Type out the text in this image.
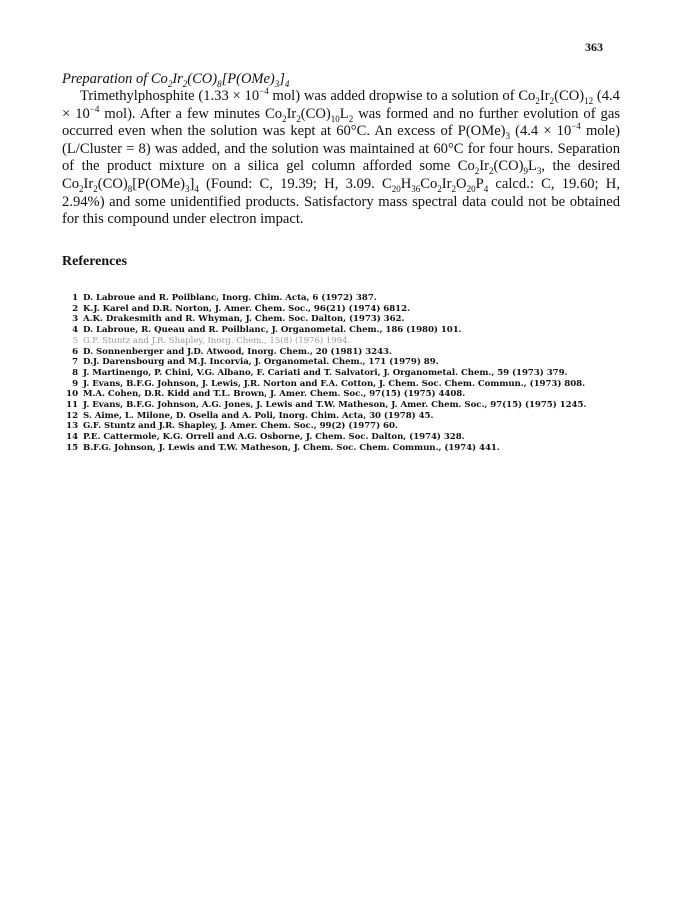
363
Preparation of $Co_2Ir_2(CO)_8[P(OMe)_3]_4$

Trimethylphosphite ($1.33 \times 10^{-4}$ mol) was added dropwise to a solution of $Co_2Ir_2(CO)_{12}$ ($4.4 \times 10^{-4}$ mol). After a few minutes $Co_2Ir_2(CO)_{10}L_2$ was formed and no further evolution of gas occurred even when the solution was kept at 60°C. An excess of $P(OMe)_3$ ($4.4 \times 10^{-4}$ mole) (L/Cluster = 8) was added, and the solution was maintained at 60°C for four hours. Separation of the product mixture on a silica gel column afforded some $Co_2Ir_2(CO)_9L_3$, the desired $Co_2Ir_2(CO)_8[P(OMe)_3]_4$ (Found: C, 19.39; H, 3.09. $C_{20}H_{36}Co_2Ir_2O_{20}P_4$ calcd.: C, 19.60; H, 2.94%) and some unidentified products. Satisfactory mass spectral data could not be obtained for this compound under electron impact.

References
1 D. Labroue and R. Poilblanc, Inorg. Chim. Acta, 6 (1972) 387.
2 K.J. Karel and D.R. Norton, J. Amer. Chem. Soc., 96(21) (1974) 6812.
3 A.K. Drakesmith and R. Whyman, J. Chem. Soc. Dalton, (1973) 362.
4 D. Labroue, R. Queau and R. Poilblanc, J. Organometal. Chem., 186 (1980) 101.
5 G.F. Stuntz and J.R. Shapley, Inorg. Chem., 15(8) (1976) 1994.
6 D. Sonnenberger and J.D. Atwood, Inorg. Chem., 20 (1981) 3243.
7 D.J. Darensbourg and M.J. Incorvia, J. Organometal. Chem., 171 (1979) 89.
8 J. Martinengo, P. Chini, V.G. Albano, F. Cariati and T. Salvatori, J. Organometal. Chem., 59 (1973) 379.
9 J. Evans, B.F.G. Johnson, J. Lewis, J.R. Norton and F.A. Cotton, J. Chem. Soc. Chem. Commun., (1973) 808.
10 M.A. Cohen, D.R. Kidd and T.L. Brown, J. Amer. Chem. Soc., 97(15) (1975) 4408.
11 J. Evans, B.F.G. Johnson, A.G. Jones, J. Lewis and T.W. Matheson, J. Amer. Chem. Soc., 97(15) (1975) 1245.
12 S. Aime, L. Milone, D. Osella and A. Poli, Inorg. Chim. Acta, 30 (1978) 45.
13 G.F. Stuntz and J.R. Shapley, J. Amer. Chem. Soc., 99(2) (1977) 60.
14 P.E. Cattermole, K.G. Orrell and A.G. Osborne, J. Chem. Soc. Dalton, (1974) 328.
15 B.F.G. Johnson, J. Lewis and T.W. Matheson, J. Chem. Soc. Chem. Commun., (1974) 441.
